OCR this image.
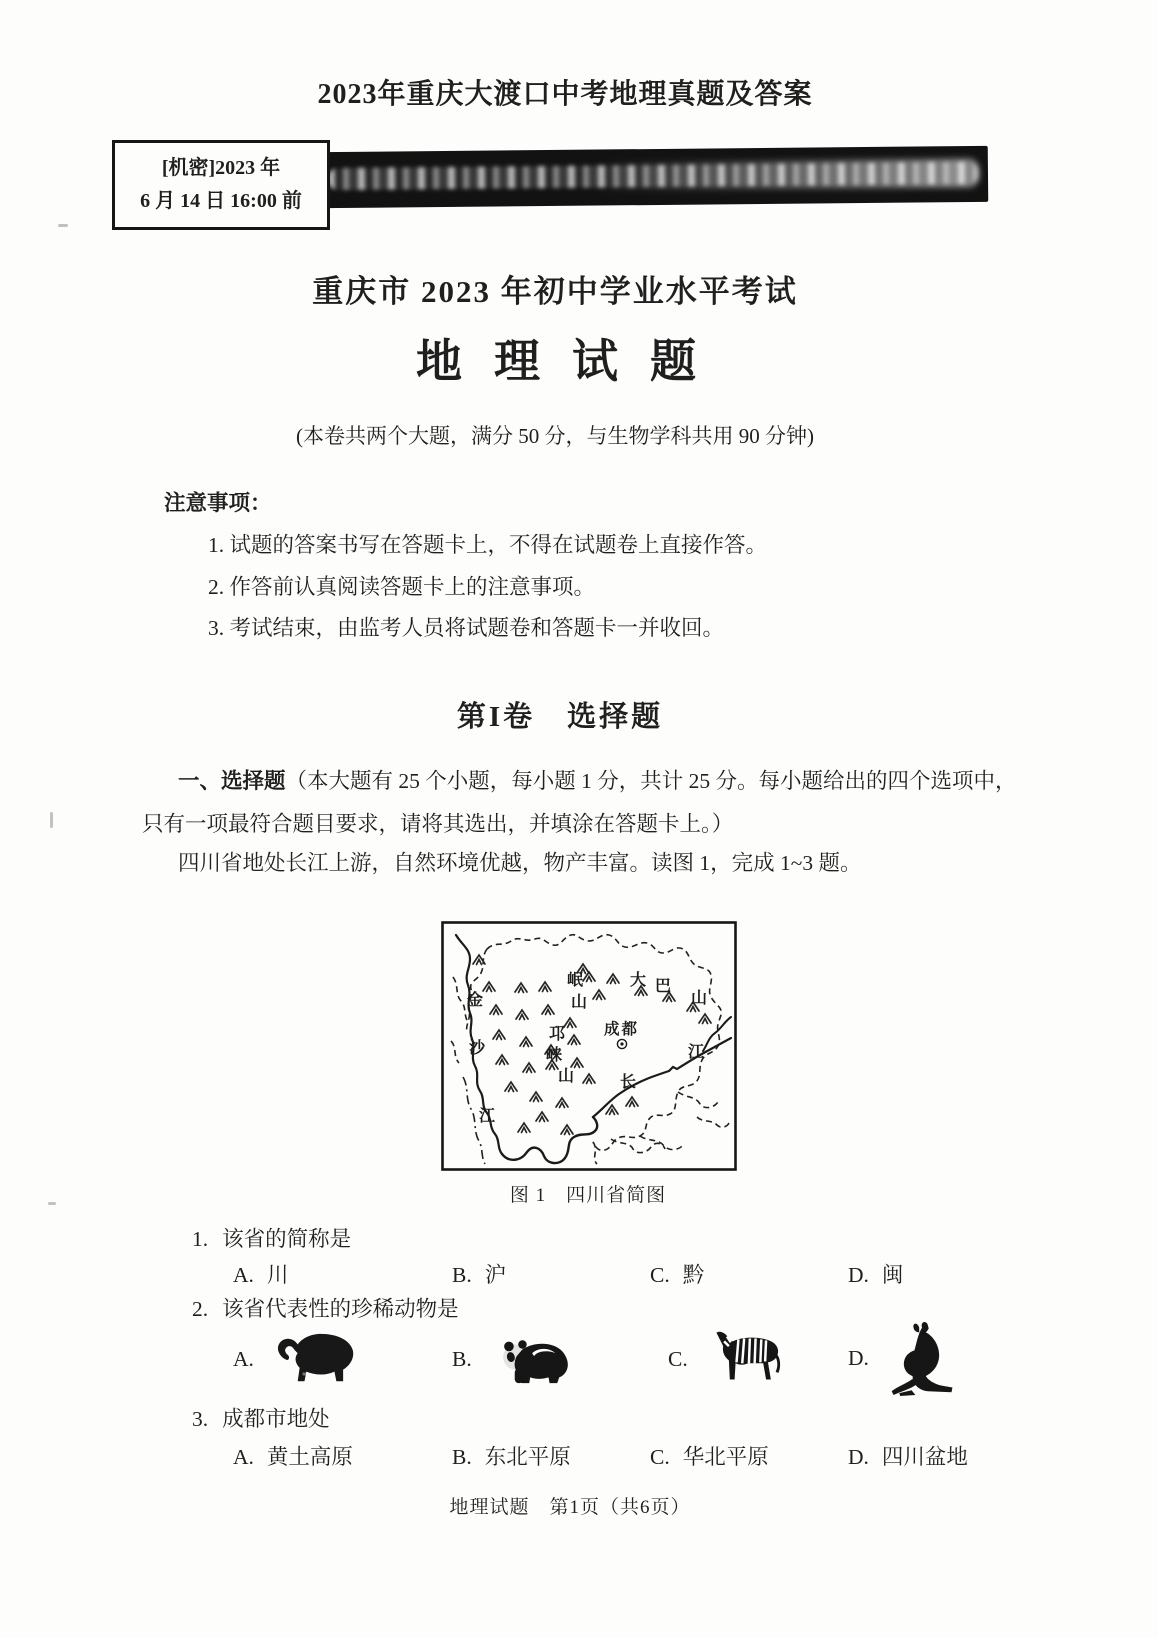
2023年重庆大渡口中考地理真题及答案
[机密]2023 年
6 月 14 日 16:00 前
重庆市 2023 年初中学业水平考试
地理试题
(本卷共两个大题，满分 50 分，与生物学科共用 90 分钟)
注意事项：
1. 试题的答案书写在答题卡上，不得在试题卷上直接作答。
2. 作答前认真阅读答题卡上的注意事项。
3. 考试结束，由监考人员将试题卷和答题卡一并收回。
第I卷　选择题
一、选择题（本大题有 25 个小题，每小题 1 分，共计 25 分。每小题给出的四个选项中，只有一项最符合题目要求，请将其选出，并填涂在答题卡上。）
四川省地处长江上游，自然环境优越，物产丰富。读图 1，完成 1~3 题。
金
沙
江
岷
山
大 巴
山
成都
邛
崃
山	长
江
图 1　四川省简图
1. 该省的简称是
A. 川	B. 沪	C. 黔	D. 闽
2. 该省代表性的珍稀动物是
A.	B.	C.	D.
3. 成都市地处
A. 黄土高原	B. 东北平原	C. 华北平原	D. 四川盆地
地理试题　第1页（共6页）
